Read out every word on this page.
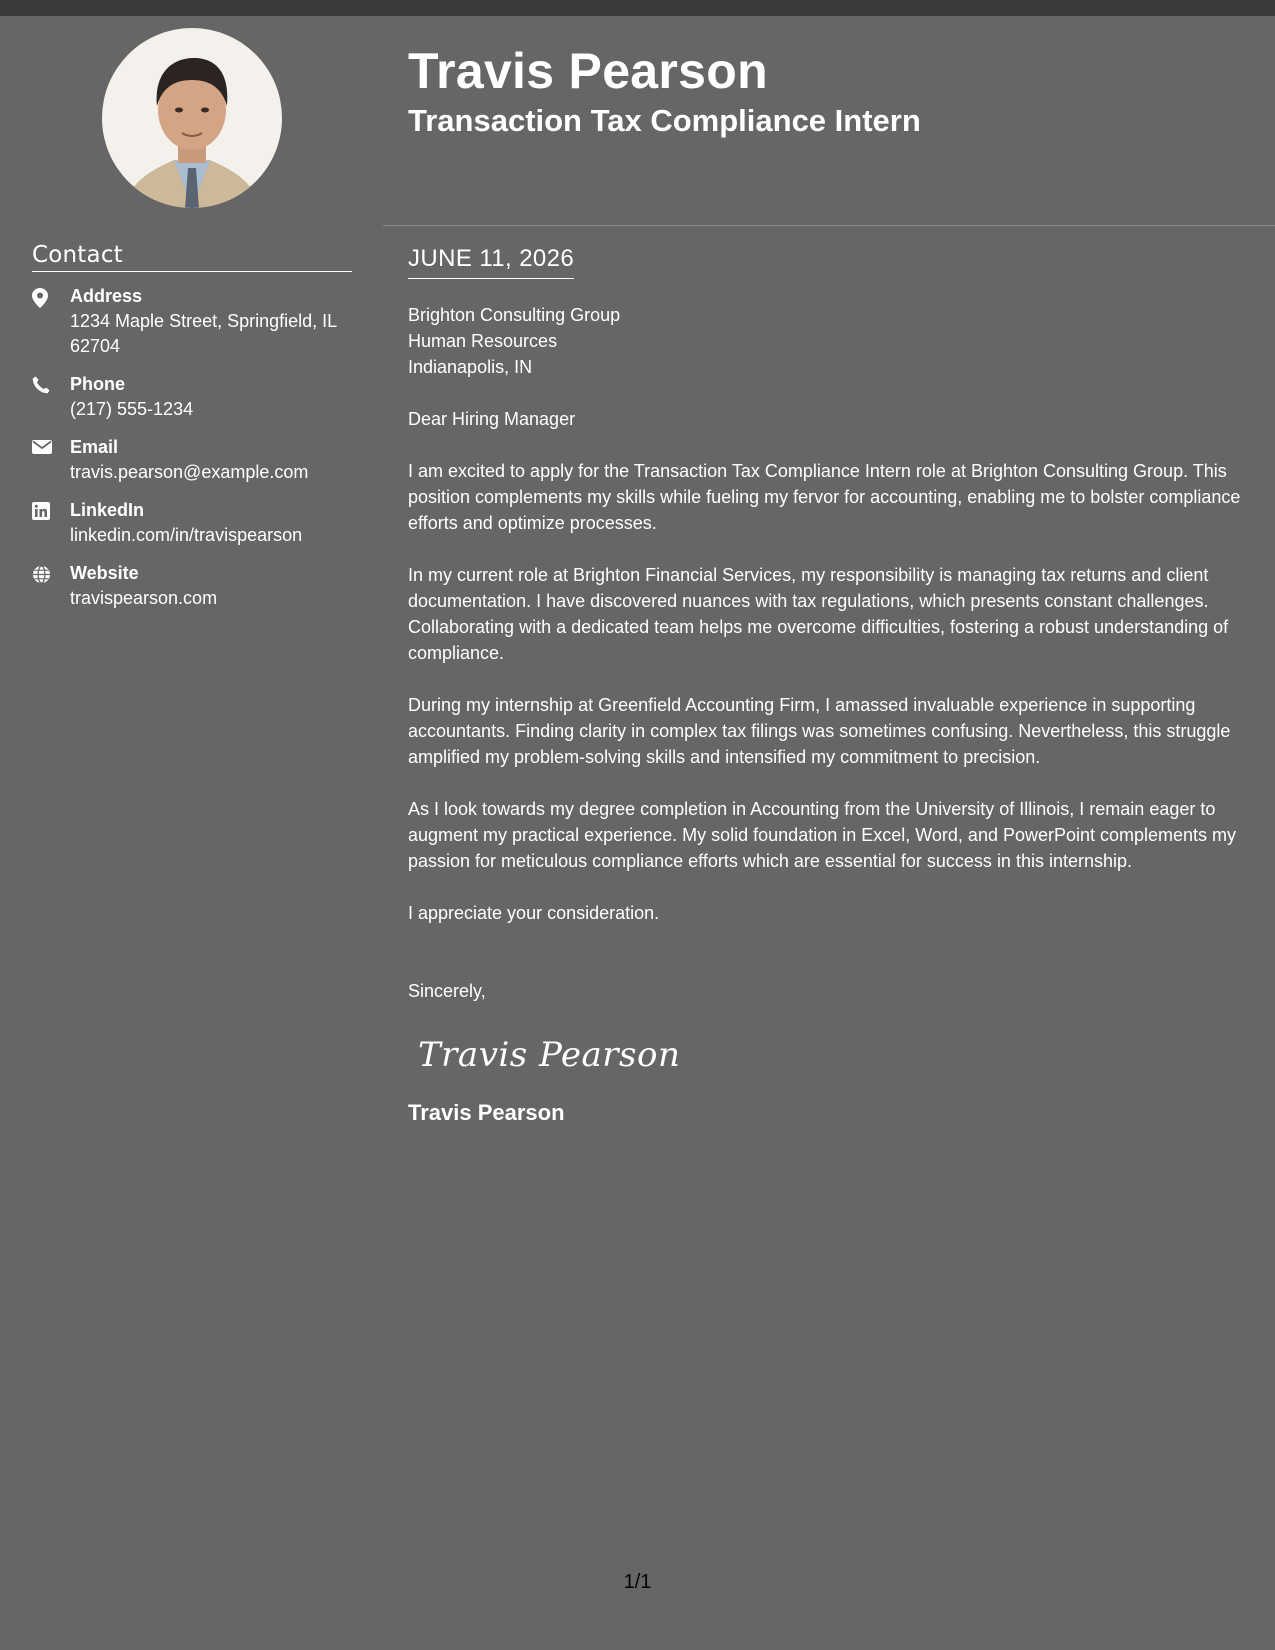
Contact
Address
1234 Maple Street, Springfield, IL 62704
Phone
(217) 555-1234
Email
travis.pearson@example.com
LinkedIn
linkedin.com/in/travispearson
Website
travispearson.com
Travis Pearson
Transaction Tax Compliance Intern
JUNE 11, 2026

Brighton Consulting Group

Human Resources

Indianapolis, IN

Dear Hiring Manager

I am excited to apply for the Transaction Tax Compliance Intern role at Brighton Consulting Group. This position complements my skills while fueling my fervor for accounting, enabling me to bolster compliance efforts and optimize processes.

In my current role at Brighton Financial Services, my responsibility is managing tax returns and client documentation. I have discovered nuances with tax regulations, which presents constant challenges. Collaborating with a dedicated team helps me overcome difficulties, fostering a robust understanding of compliance.

During my internship at Greenfield Accounting Firm, I amassed invaluable experience in supporting accountants. Finding clarity in complex tax filings was sometimes confusing. Nevertheless, this struggle amplified my problem-solving skills and intensified my commitment to precision.

As I look towards my degree completion in Accounting from the University of Illinois, I remain eager to augment my practical experience. My solid foundation in Excel, Word, and PowerPoint complements my passion for meticulous compliance efforts which are essential for success in this internship.

I appreciate your consideration.

Sincerely,

Travis Pearson
Travis Pearson
1/1
